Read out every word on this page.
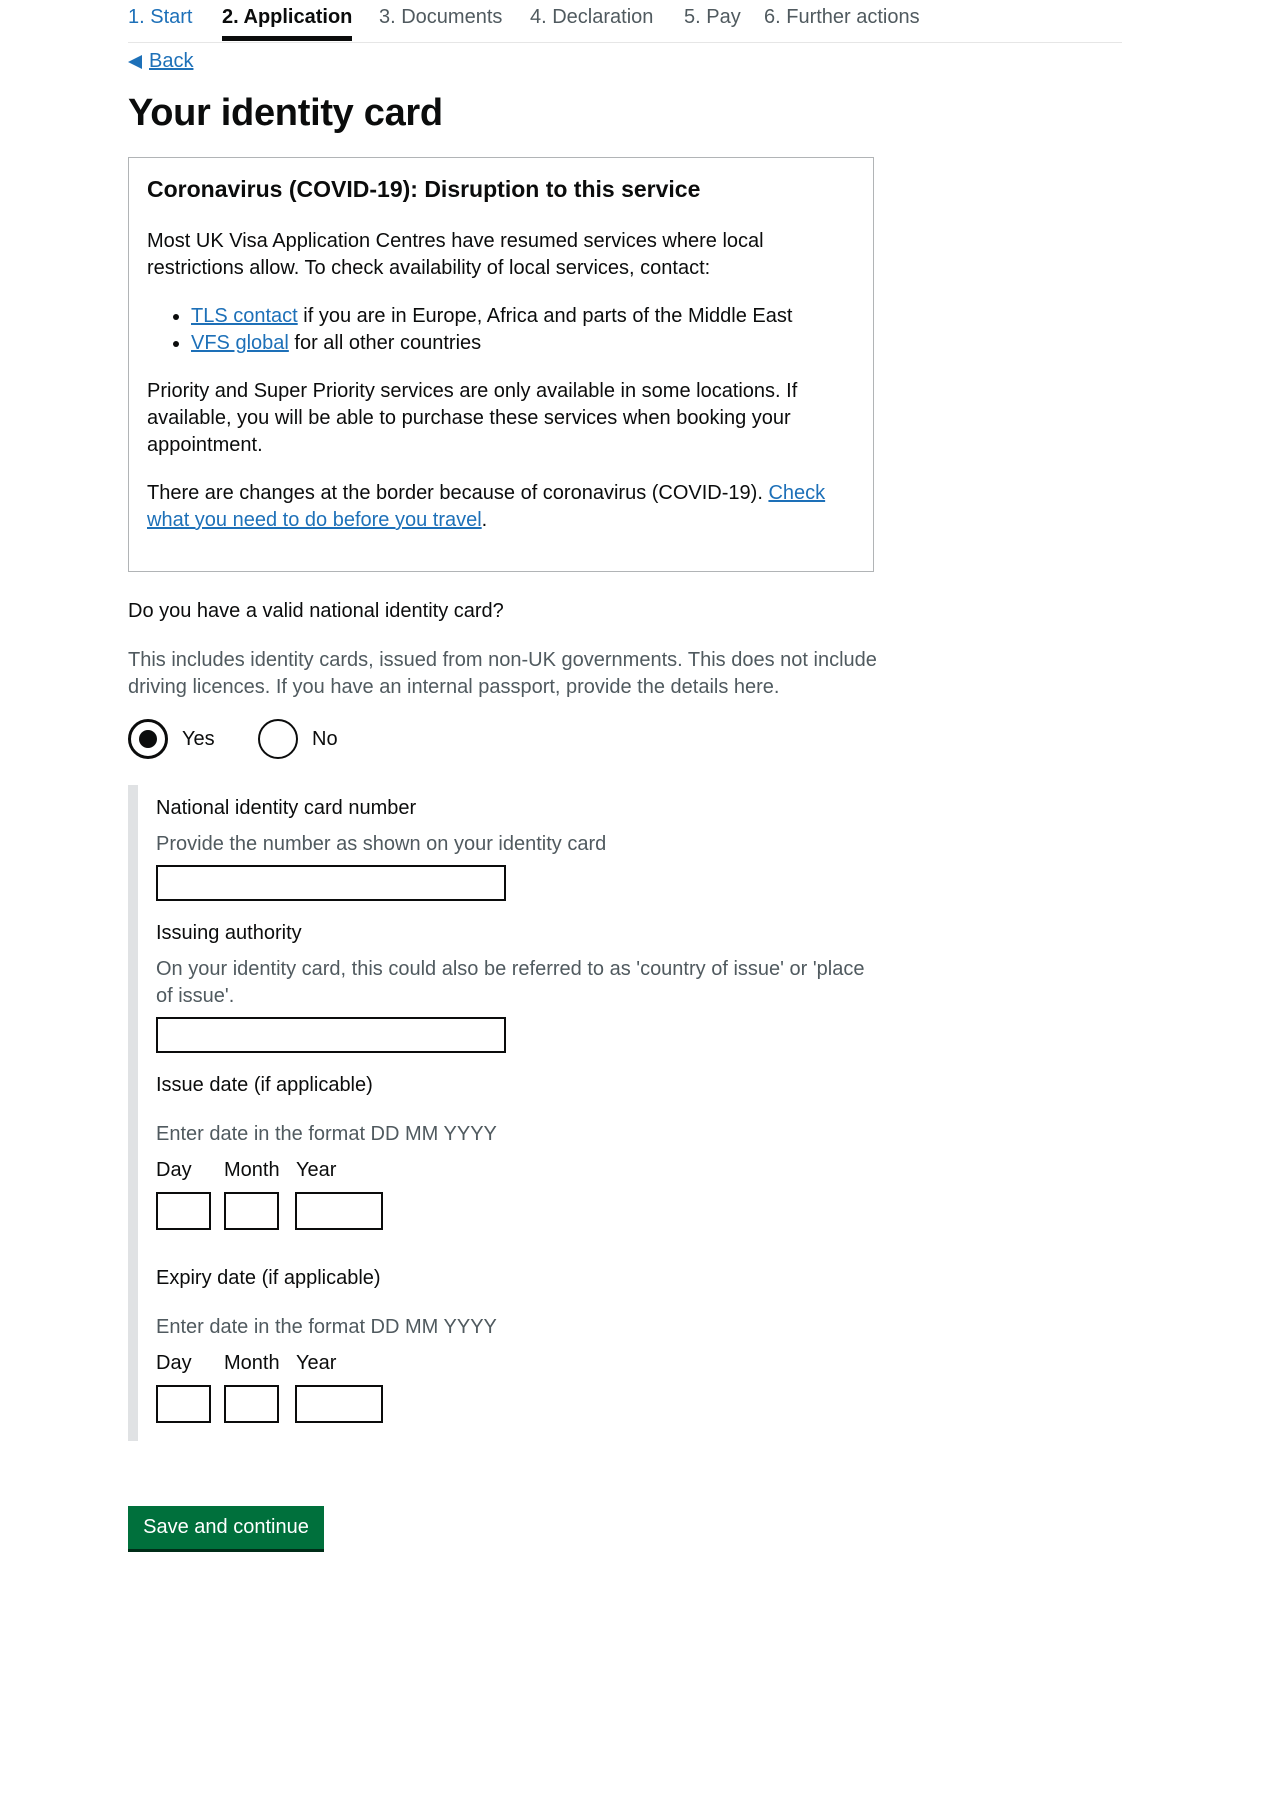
1. Start 2. Application 3. Documents 4. Declaration 5. Pay 6. Further actions
Back
Your identity card
Coronavirus (COVID-19): Disruption to this service

Most UK Visa Application Centres have resumed services where local restrictions allow. To check availability of local services, contact:

• TLS contact if you are in Europe, Africa and parts of the Middle East
• VFS global for all other countries

Priority and Super Priority services are only available in some locations. If available, you will be able to purchase these services when booking your appointment.

There are changes at the border because of coronavirus (COVID-19). Check what you need to do before you travel.

Do you have a valid national identity card?
This includes identity cards, issued from non-UK governments. This does not include driving licences. If you have an internal passport, provide the details here.
Yes	No
National identity card number
Provide the number as shown on your identity card
Issuing authority
On your identity card, this could also be referred to as 'country of issue' or 'place of issue'.
Issue date (if applicable)
Enter date in the format DD MM YYYY
Day Month Year
Expiry date (if applicable)
Enter date in the format DD MM YYYY
Day Month Year
Save and continue
